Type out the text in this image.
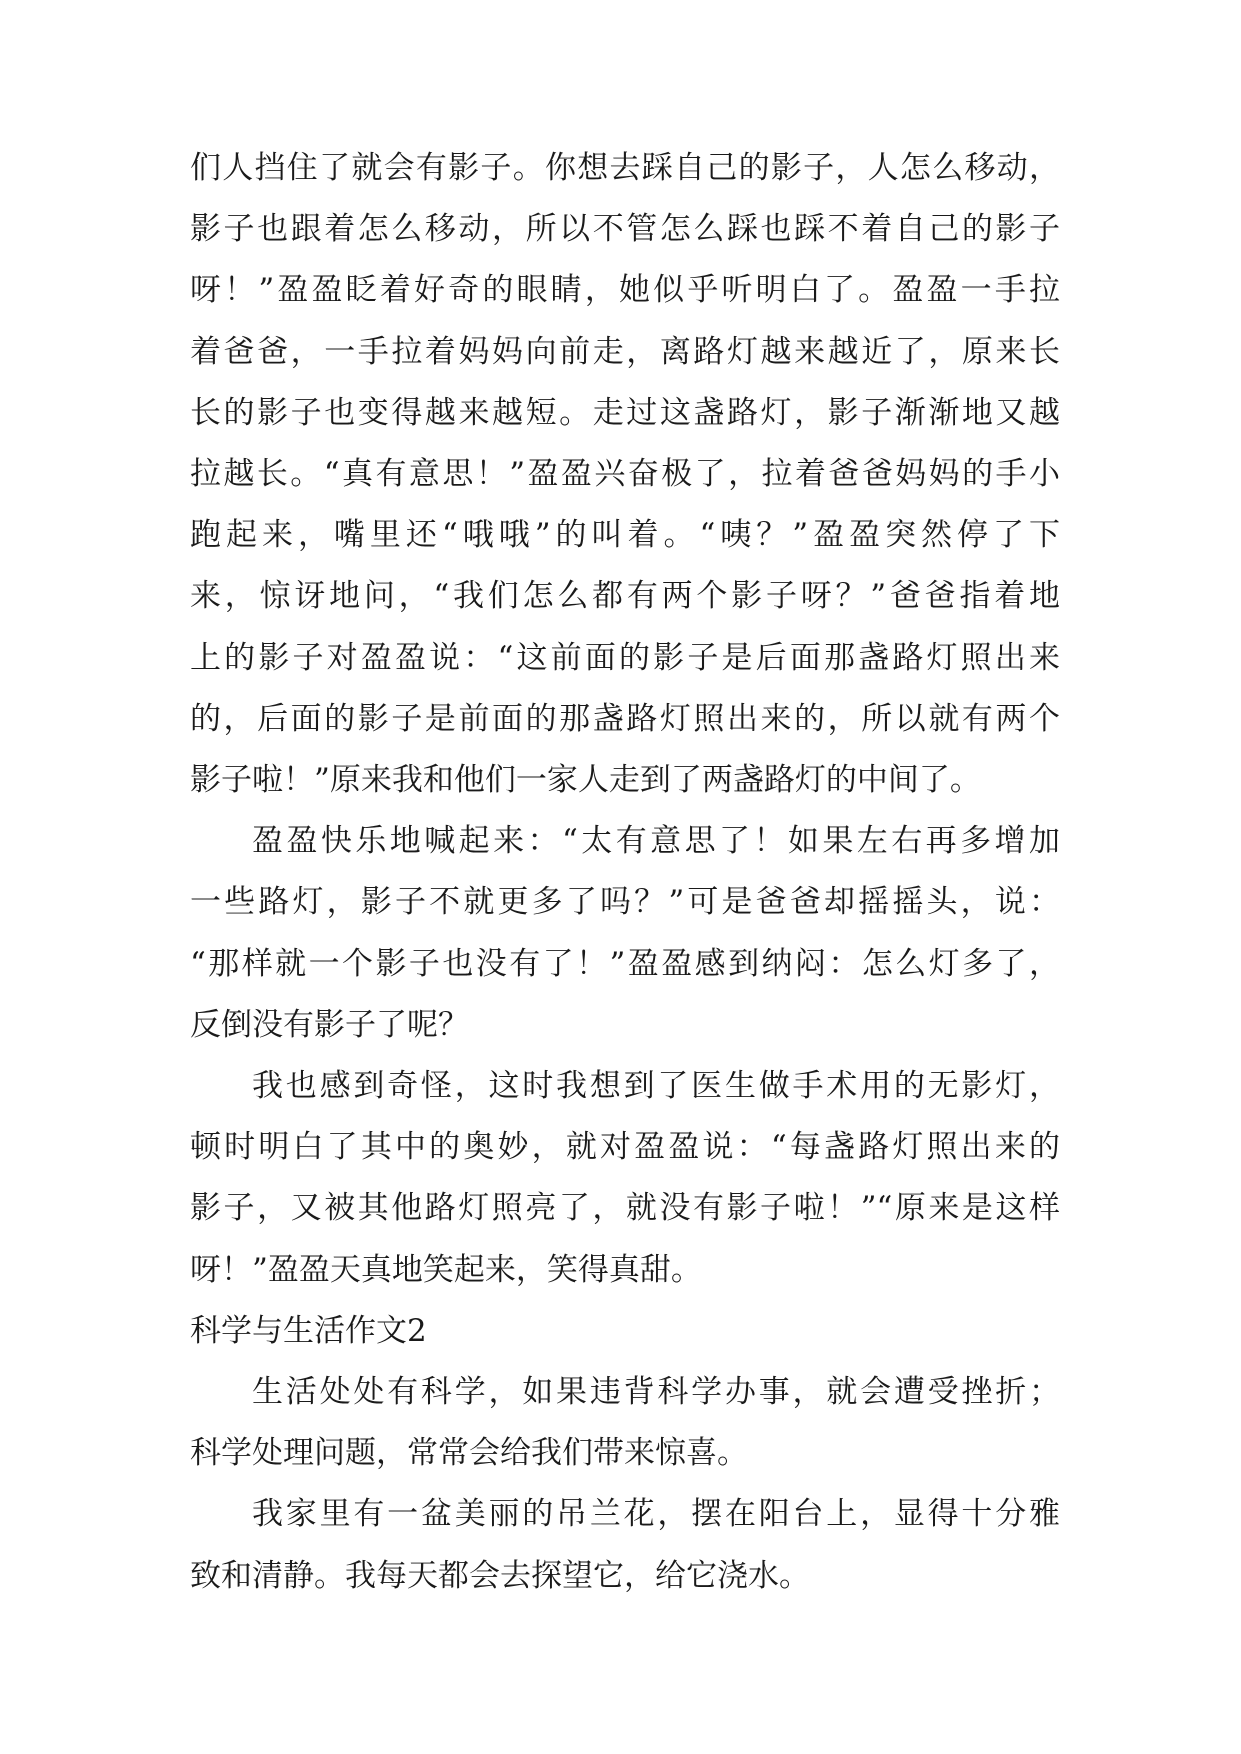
们人挡住了就会有影子。你想去踩自己的影子，人怎么移动，
影子也跟着怎么移动，所以不管怎么踩也踩不着自己的影子
呀！”盈盈眨着好奇的眼睛，她似乎听明白了。盈盈一手拉
着爸爸，一手拉着妈妈向前走，离路灯越来越近了，原来长
长的影子也变得越来越短。走过这盏路灯，影子渐渐地又越
拉越长。“真有意思！”盈盈兴奋极了，拉着爸爸妈妈的手小
跑起来，嘴里还“哦哦”的叫着。“咦？”盈盈突然停了下
来，惊讶地问，“我们怎么都有两个影子呀？”爸爸指着地
上的影子对盈盈说：“这前面的影子是后面那盏路灯照出来
的，后面的影子是前面的那盏路灯照出来的，所以就有两个
影子啦！”原来我和他们一家人走到了两盏路灯的中间了。

盈盈快乐地喊起来：“太有意思了！如果左右再多增加
一些路灯，影子不就更多了吗？”可是爸爸却摇摇头，说：
“那样就一个影子也没有了！”盈盈感到纳闷：怎么灯多了，
反倒没有影子了呢？

我也感到奇怪，这时我想到了医生做手术用的无影灯，
顿时明白了其中的奥妙，就对盈盈说：“每盏路灯照出来的
影子，又被其他路灯照亮了，就没有影子啦！”“原来是这样
呀！”盈盈天真地笑起来，笑得真甜。

科学与生活作文2

生活处处有科学，如果违背科学办事，就会遭受挫折；
科学处理问题，常常会给我们带来惊喜。

我家里有一盆美丽的吊兰花，摆在阳台上，显得十分雅
致和清静。我每天都会去探望它，给它浇水。
